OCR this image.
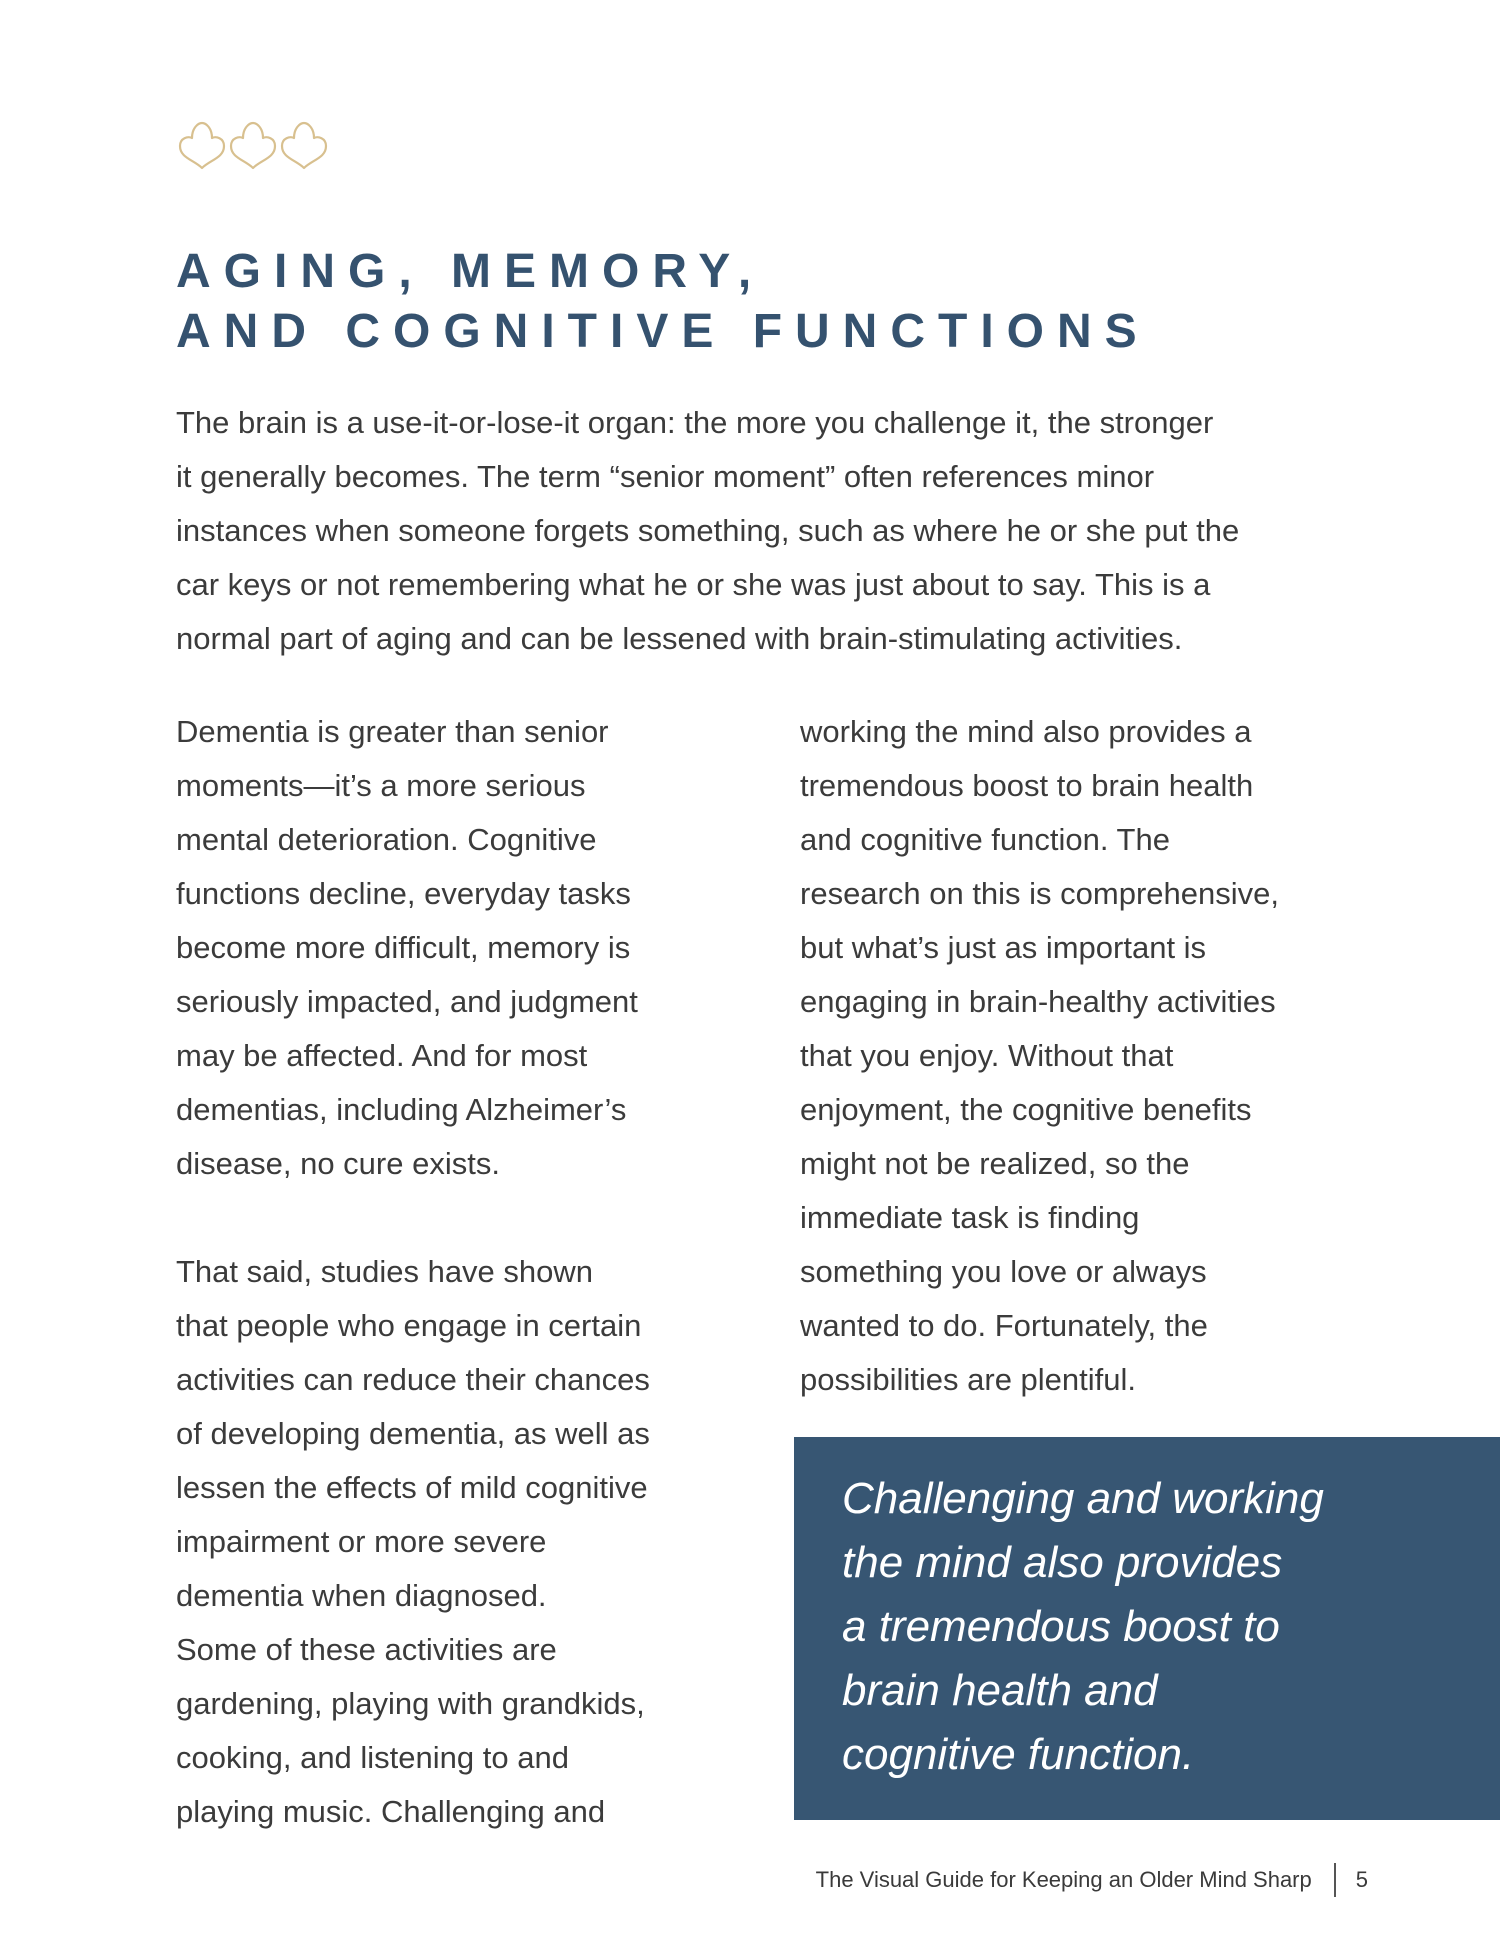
AGING, MEMORY,
AND COGNITIVE FUNCTIONS

The brain is a use-it-or-lose-it organ: the more you challenge it, the stronger
it generally becomes. The term “senior moment” often references minor
instances when someone forgets something, such as where he or she put the
car keys or not remembering what he or she was just about to say. This is a
normal part of aging and can be lessened with brain-stimulating activities.

Dementia is greater than senior
moments—it’s a more serious
mental deterioration. Cognitive
functions decline, everyday tasks
become more difficult, memory is
seriously impacted, and judgment
may be affected. And for most
dementias, including Alzheimer’s
disease, no cure exists.
That said, studies have shown
that people who engage in certain
activities can reduce their chances
of developing dementia, as well as
lessen the effects of mild cognitive
impairment or more severe
dementia when diagnosed.
Some of these activities are
gardening, playing with grandkids,
cooking, and listening to and
playing music. Challenging and
working the mind also provides a
tremendous boost to brain health
and cognitive function. The
research on this is comprehensive,
but what’s just as important is
engaging in brain-healthy activities
that you enjoy. Without that
enjoyment, the cognitive benefits
might not be realized, so the
immediate task is finding
something you love or always
wanted to do. Fortunately, the
possibilities are plentiful.
Challenging and working
the mind also provides
a tremendous boost to
brain health and
cognitive function.
The Visual Guide for Keeping an Older Mind Sharp 5
